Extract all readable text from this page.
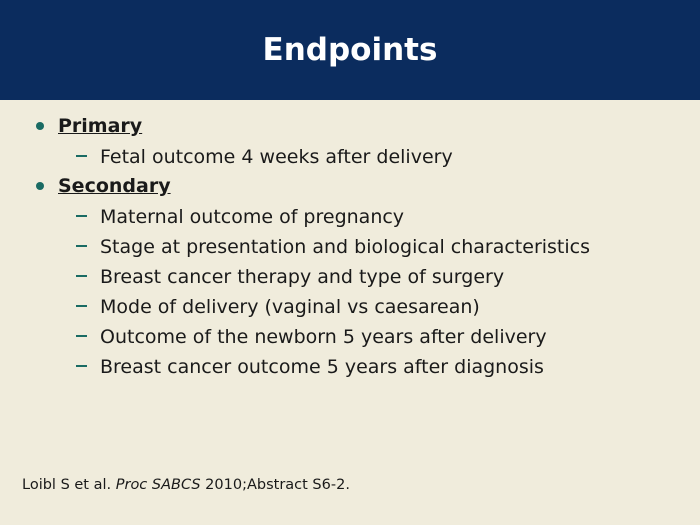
Endpoints
Primary
Fetal outcome 4 weeks after delivery
Secondary
Maternal outcome of pregnancy
Stage at presentation and biological characteristics
Breast cancer therapy and type of surgery
Mode of delivery (vaginal vs caesarean)
Outcome of the newborn 5 years after delivery
Breast cancer outcome 5 years after diagnosis
Loibl S et al. Proc SABCS 2010;Abstract S6-2.
